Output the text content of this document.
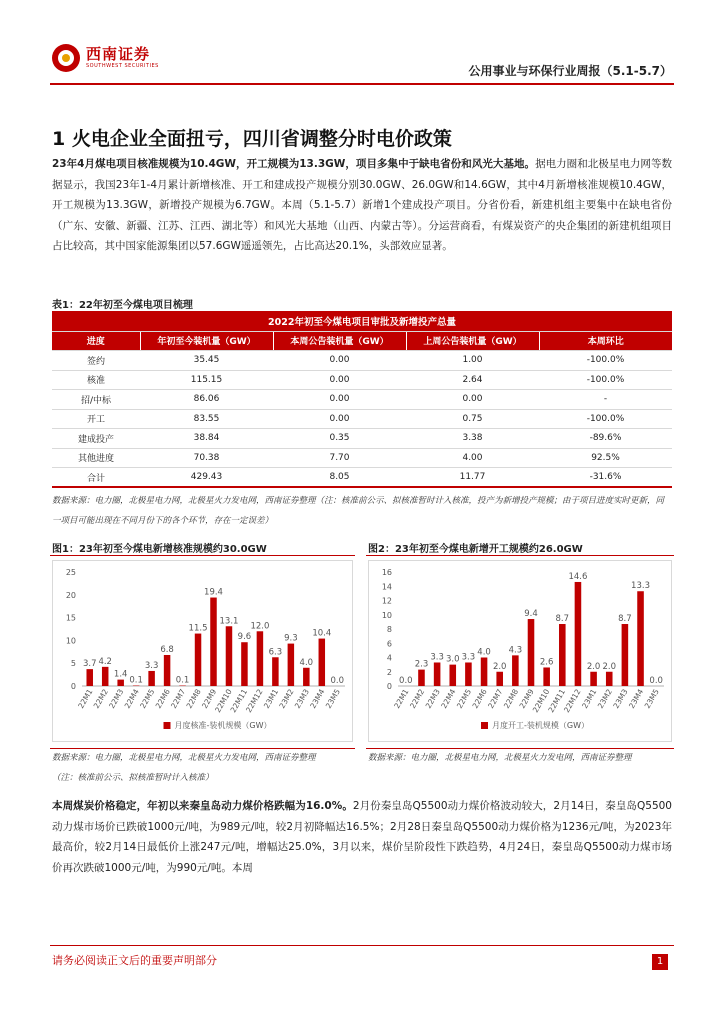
西南证券
SOUTHWEST SECURITIES	公用事业与环保行业周报（5.1-5.7）
1 火电企业全面扭亏，四川省调整分时电价政策
23年4月煤电项目核准规模为10.4GW，开工规模为13.3GW，项目多集中于缺电省份和风光大基地。据电力圈和北极星电力网等数据显示，我国23年1-4月累计新增核准、开工和建成投产规模分别30.0GW、26.0GW和14.6GW，其中4月新增核准规模10.4GW，开工规模为13.3GW，新增投产规模为6.7GW。本周（5.1-5.7）新增1个建成投产项目。分省份看，新建机组主要集中在缺电省份（广东、安徽、新疆、江苏、江西、湖北等）和风光大基地（山西、内蒙古等）。分运营商看，有煤炭资产的央企集团的新建机组项目占比较高，其中国家能源集团以57.6GW遥遥领先，占比高达20.1%，头部效应显著。
表1：22年初至今煤电项目梳理
2022年初至今煤电项目审批及新增投产总量				
进度	年初至今装机量（GW）	本周公告装机量（GW）	上周公告装机量（GW）	本周环比
签约	35.45	0.00	1.00	-100.0%
核准	115.15	0.00	2.64	-100.0%
招/中标	86.06	0.00	0.00	-
开工	83.55	0.00	0.75	-100.0%
建成投产	38.84	0.35	3.38	-89.6%
其他进度	70.38	7.70	4.00	92.5%
合计	429.43	8.05	11.77	-31.6%
数据来源：电力圈，北极星电力网，北极星火力发电网，西南证券整理（注：核准前公示、拟核准暂时计入核准，投产为新增投产规模；由于项目进度实时更新，同一项目可能出现在不同月份下的各个环节，存在一定误差）
图1：23年初至今煤电新增核准规模约30.0GW
0
5
10
15
20
25
3.7
22M1
4.2
22M2
1.4
22M3
0.1
22M4
3.3
22M5
6.8
22M6
0.1
22M7
11.5
22M8
19.4
22M9
13.1
22M10
9.6
22M11
12.0
22M12
6.3
23M1
9.3
23M2
4.0
23M3
10.4
23M4
0.0
23M5
月度核准-装机规模（GW）
数据来源：电力圈，北极星电力网，北极星火力发电网，西南证券整理
（注：核准前公示、拟核准暂时计入核准）
图2：23年初至今煤电新增开工规模约26.0GW
0
2
4
6
8
10
12
14
16
0.0
22M1
2.3
22M2
3.3
22M3
3.0
22M4
3.3
22M5
4.0
22M6
2.0
22M7
4.3
22M8
9.4
22M9
2.6
22M10
8.7
22M11
14.6
22M12
2.0
23M1
2.0
23M2
8.7
23M3
13.3
23M4
0.0
23M5
月度开工-装机规模（GW）
数据来源：电力圈，北极星电力网，北极星火力发电网，西南证券整理
本周煤炭价格稳定，年初以来秦皇岛动力煤价格跌幅为16.0%。2月份秦皇岛Q5500动力煤价格波动较大，2月14日，秦皇岛Q5500动力煤市场价已跌破1000元/吨，为989元/吨，较2月初降幅达16.5%；2月28日秦皇岛Q5500动力煤价格为1236元/吨，为2023年最高价，较2月14日最低价上涨247元/吨，增幅达25.0%，3月以来，煤价呈阶段性下跌趋势，4月24日，秦皇岛Q5500动力煤市场价再次跌破1000元/吨，为990元/吨。本周
请务必阅读正文后的重要声明部分	1
